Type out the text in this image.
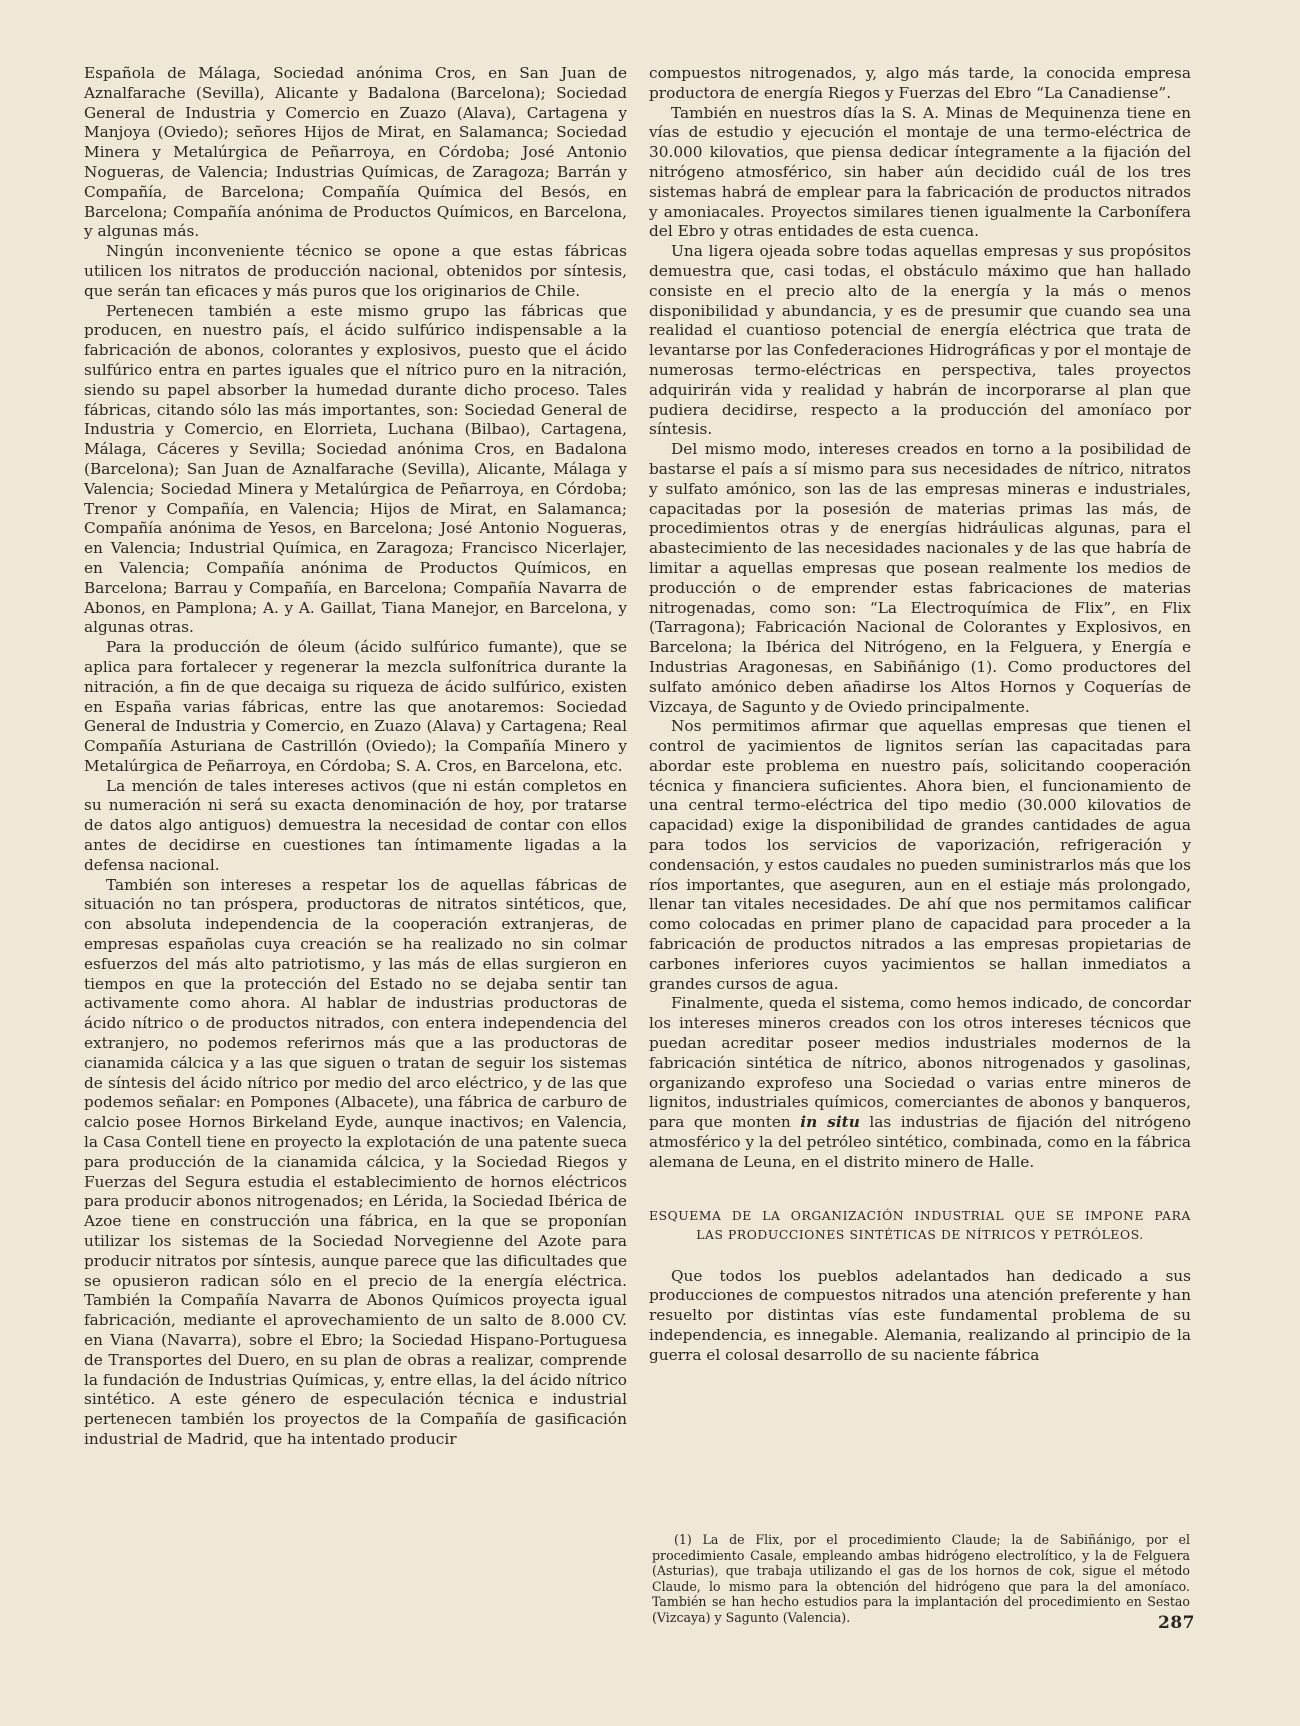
Española de Málaga, Sociedad anónima Cros, en San Juan de Aznalfarache (Sevilla), Alicante y Badalona (Barcelona); Sociedad General de Industria y Comercio en Zuazo (Alava), Cartagena y Manjoya (Oviedo); señores Hijos de Mirat, en Salamanca; Sociedad Minera y Metalúrgica de Peñarroya, en Córdoba; José Antonio Nogueras, de Valencia; Industrias Químicas, de Zaragoza; Barrán y Compañía, de Barcelona; Compañía Química del Besós, en Barcelona; Compañía anónima de Productos Químicos, en Barcelona, y algunas más.

Ningún inconveniente técnico se opone a que estas fábricas utilicen los nitratos de producción nacional, obtenidos por síntesis, que serán tan eficaces y más puros que los originarios de Chile.

Pertenecen también a este mismo grupo las fábricas que producen, en nuestro país, el ácido sulfúrico indispensable a la fabricación de abonos, colorantes y explosivos, puesto que el ácido sulfúrico entra en partes iguales que el nítrico puro en la nitración, siendo su papel absorber la humedad durante dicho proceso. Tales fábricas, citando sólo las más importantes, son: Sociedad General de Industria y Comercio, en Elorrieta, Luchana (Bilbao), Cartagena, Málaga, Cáceres y Sevilla; Sociedad anónima Cros, en Badalona (Barcelona); San Juan de Aznalfarache (Sevilla), Alicante, Málaga y Valencia; Sociedad Minera y Metalúrgica de Peñarroya, en Córdoba; Trenor y Compañía, en Valencia; Hijos de Mirat, en Salamanca; Compañía anónima de Yesos, en Barcelona; José Antonio Nogueras, en Valencia; Industrial Química, en Zaragoza; Francisco Nicerlajer, en Valencia; Compañía anónima de Productos Químicos, en Barcelona; Barrau y Compañía, en Barcelona; Compañía Navarra de Abonos, en Pamplona; A. y A. Gaillat, Tiana Manejor, en Barcelona, y algunas otras.

Para la producción de óleum (ácido sulfúrico fumante), que se aplica para fortalecer y regenerar la mezcla sulfonítrica durante la nitración, a fin de que decaiga su riqueza de ácido sulfúrico, existen en España varias fábricas, entre las que anotaremos: Sociedad General de Industria y Comercio, en Zuazo (Alava) y Cartagena; Real Compañía Asturiana de Castrillón (Oviedo); la Compañía Minero y Metalúrgica de Peñarroya, en Córdoba; S. A. Cros, en Barcelona, etc.

La mención de tales intereses activos (que ni están completos en su numeración ni será su exacta denominación de hoy, por tratarse de datos algo antiguos) demuestra la necesidad de contar con ellos antes de decidirse en cuestiones tan íntimamente ligadas a la defensa nacional.

También son intereses a respetar los de aquellas fábricas de situación no tan próspera, productoras de nitratos sintéticos, que, con absoluta independencia de la cooperación extranjeras, de empresas españolas cuya creación se ha realizado no sin colmar esfuerzos del más alto patriotismo, y las más de ellas surgieron en tiempos en que la protección del Estado no se dejaba sentir tan activamente como ahora. Al hablar de industrias productoras de ácido nítrico o de productos nitrados, con entera independencia del extranjero, no podemos referirnos más que a las productoras de cianamida cálcica y a las que siguen o tratan de seguir los sistemas de síntesis del ácido nítrico por medio del arco eléctrico, y de las que podemos señalar: en Pompones (Albacete), una fábrica de carburo de calcio posee Hornos Birkeland Eyde, aunque inactivos; en Valencia, la Casa Contell tiene en proyecto la explotación de una patente sueca para producción de la cianamida cálcica, y la Sociedad Riegos y Fuerzas del Segura estudia el establecimiento de hornos eléctricos para producir abonos nitrogenados; en Lérida, la Sociedad Ibérica de Azoe tiene en construcción una fábrica, en la que se proponían utilizar los sistemas de la Sociedad Norvegienne del Azote para producir nitratos por síntesis, aunque parece que las dificultades que se opusieron radican sólo en el precio de la energía eléctrica. También la Compañía Navarra de Abonos Químicos proyecta igual fabricación, mediante el aprovechamiento de un salto de 8.000 CV. en Viana (Navarra), sobre el Ebro; la Sociedad Hispano-Portuguesa de Transportes del Duero, en su plan de obras a realizar, comprende la fundación de Industrias Químicas, y, entre ellas, la del ácido nítrico sintético. A este género de especulación técnica e industrial pertenecen también los proyectos de la Compañía de gasificación industrial de Madrid, que ha intentado producir

compuestos nitrogenados, y, algo más tarde, la conocida empresa productora de energía Riegos y Fuerzas del Ebro “La Canadiense”.

También en nuestros días la S. A. Minas de Mequinenza tiene en vías de estudio y ejecución el montaje de una termo-eléctrica de 30.000 kilovatios, que piensa dedicar íntegramente a la fijación del nitrógeno atmosférico, sin haber aún decidido cuál de los tres sistemas habrá de emplear para la fabricación de productos nitrados y amoniacales. Proyectos similares tienen igualmente la Carbonífera del Ebro y otras entidades de esta cuenca.

Una ligera ojeada sobre todas aquellas empresas y sus propósitos demuestra que, casi todas, el obstáculo máximo que han hallado consiste en el precio alto de la energía y la más o menos disponibilidad y abundancia, y es de presumir que cuando sea una realidad el cuantioso potencial de energía eléctrica que trata de levantarse por las Confederaciones Hidrográficas y por el montaje de numerosas termo-eléctricas en perspectiva, tales proyectos adquirirán vida y realidad y habrán de incorporarse al plan que pudiera decidirse, respecto a la producción del amoníaco por síntesis.

Del mismo modo, intereses creados en torno a la posibilidad de bastarse el país a sí mismo para sus necesidades de nítrico, nitratos y sulfato amónico, son las de las empresas mineras e industriales, capacitadas por la posesión de materias primas las más, de procedimientos otras y de energías hidráulicas algunas, para el abastecimiento de las necesidades nacionales y de las que habría de limitar a aquellas empresas que posean realmente los medios de producción o de emprender estas fabricaciones de materias nitrogenadas, como son: “La Electroquímica de Flix”, en Flix (Tarragona); Fabricación Nacional de Colorantes y Explosivos, en Barcelona; la Ibérica del Nitrógeno, en la Felguera, y Energía e Industrias Aragonesas, en Sabiñánigo (1). Como productores del sulfato amónico deben añadirse los Altos Hornos y Coquerías de Vizcaya, de Sagunto y de Oviedo principalmente.

Nos permitimos afirmar que aquellas empresas que tienen el control de yacimientos de lignitos serían las capacitadas para abordar este problema en nuestro país, solicitando cooperación técnica y financiera suficientes. Ahora bien, el funcionamiento de una central termo-eléctrica del tipo medio (30.000 kilovatios de capacidad) exige la disponibilidad de grandes cantidades de agua para todos los servicios de vaporización, refrigeración y condensación, y estos caudales no pueden suministrarlos más que los ríos importantes, que aseguren, aun en el estiaje más prolongado, llenar tan vitales necesidades. De ahí que nos permitamos calificar como colocadas en primer plano de capacidad para proceder a la fabricación de productos nitrados a las empresas propietarias de carbones inferiores cuyos yacimientos se hallan inmediatos a grandes cursos de agua.

Finalmente, queda el sistema, como hemos indicado, de concordar los intereses mineros creados con los otros intereses técnicos que puedan acreditar poseer medios industriales modernos de la fabricación sintética de nítrico, abonos nitrogenados y gasolinas, organizando exprofeso una Sociedad o varias entre mineros de lignitos, industriales químicos, comerciantes de abonos y banqueros, para que monten in situ las industrias de fijación del nitrógeno atmosférico y la del petróleo sintético, combinada, como en la fábrica alemana de Leuna, en el distrito minero de Halle.

ESQUEMA DE LA ORGANIZACIÓN INDUSTRIAL QUE SE IMPONE PARA
LAS PRODUCCIONES SINTÉTICAS DE NÍTRICOS Y PETRÓLEOS.

Que todos los pueblos adelantados han dedicado a sus producciones de compuestos nitrados una atención preferente y han resuelto por distintas vías este fundamental problema de su independencia, es innegable. Alemania, realizando al principio de la guerra el colosal desarrollo de su naciente fábrica

(1) La de Flix, por el procedimiento Claude; la de Sabiñánigo, por el procedimiento Casale, empleando ambas hidrógeno electrolítico, y la de Felguera (Asturias), que trabaja utilizando el gas de los hornos de cok, sigue el método Claude, lo mismo para la obtención del hidrógeno que para la del amoníaco. También se han hecho estudios para la implantación del procedimiento en Sestao (Vizcaya) y Sagunto (Valencia).	287
